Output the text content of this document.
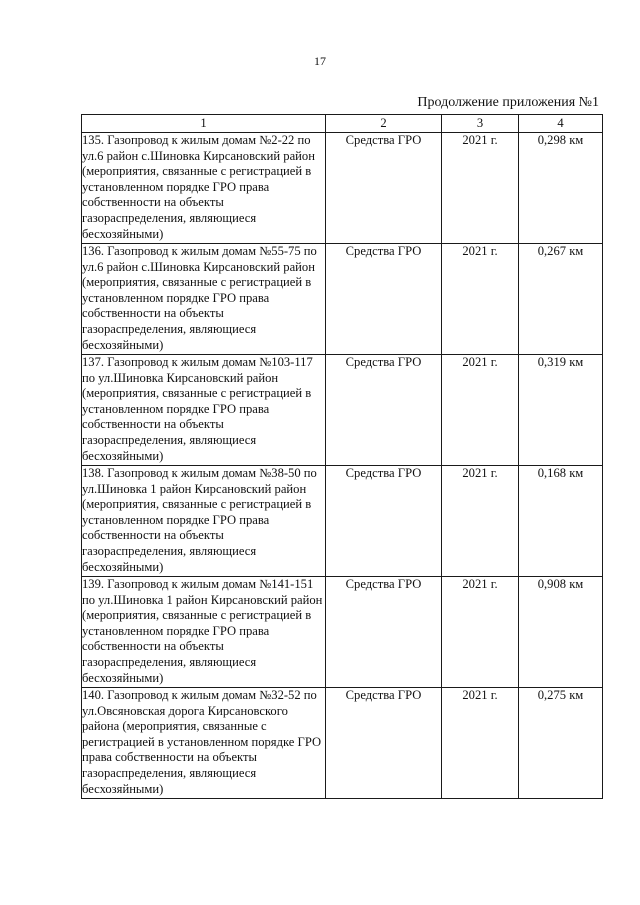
17
Продолжение приложения №1
1	2	3	4
135. Газопровод к жилым домам №2-22 по ул.6 район с.Шиновка Кирсановский район (мероприятия, связанные с регистрацией в установленном порядке ГРО права собственности на объекты газораспределения, являющиеся бесхозяйными)	Средства ГРО	2021 г.	0,298 км
136. Газопровод к жилым домам №55-75 по ул.6 район с.Шиновка Кирсановский район (мероприятия, связанные с регистрацией в установленном порядке ГРО права собственности на объекты газораспределения, являющиеся бесхозяйными)	Средства ГРО	2021 г.	0,267 км
137. Газопровод к жилым домам №103-117 по ул.Шиновка Кирсановский район (мероприятия, связанные с регистрацией в установленном порядке ГРО права собственности на объекты газораспределения, являющиеся бесхозяйными)	Средства ГРО	2021 г.	0,319 км
138. Газопровод к жилым домам №38-50 по ул.Шиновка 1 район Кирсановский район (мероприятия, связанные с регистрацией в установленном порядке ГРО права собственности на объекты газораспределения, являющиеся бесхозяйными)	Средства ГРО	2021 г.	0,168 км
139. Газопровод к жилым домам №141-151 по ул.Шиновка 1 район Кирсановский район (мероприятия, связанные с регистрацией в установленном порядке ГРО права собственности на объекты газораспределения, являющиеся бесхозяйными)	Средства ГРО	2021 г.	0,908 км
140. Газопровод к жилым домам №32-52 по ул.Овсяновская дорога Кирсановского района (мероприятия, связанные с регистрацией в установленном порядке ГРО права собственности на объекты газораспределения, являющиеся бесхозяйными)	Средства ГРО	2021 г.	0,275 км
